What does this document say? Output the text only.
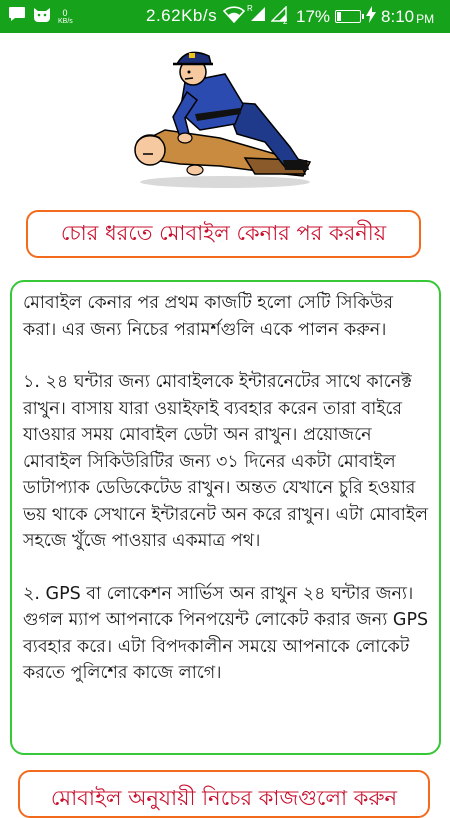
0
KB/s	2.62Kb/s	R
2 17%	8:10 PM
চোর ধরতে মোবাইল কেনার পর করনীয়

মোবাইল কেনার পর প্রথম কাজটি হলো সেটি সিকিউর করা। এর জন্য নিচের পরামর্শগুলি একে পালন করুন।

১. ২৪ ঘন্টার জন্য মোবাইলকে ইন্টারনেটের সাথে কানেক্ট রাখুন। বাসায় যারা ওয়াইফাই ব্যবহার করেন তারা বাইরে যাওয়ার সময় মোবাইল ডেটা অন রাখুন। প্রয়োজনে মোবাইল সিকিউরিটির জন্য ৩১ দিনের একটা মোবাইল ডাটাপ্যাক ডেডিকেটেড রাখুন। অন্তত যেখানে চুরি হওয়ার ভয় থাকে সেখানে ইন্টারনেট অন করে রাখুন। এটা মোবাইল সহজে খুঁজে পাওয়ার একমাত্র পথ।

২. GPS বা লোকেশন সার্ভিস অন রাখুন ২৪ ঘন্টার জন্য। গুগল ম্যাপ আপনাকে পিনপয়েন্ট লোকেট করার জন্য GPS ব্যবহার করে। এটা বিপদকালীন সময়ে আপনাকে লোকেট করতে পুলিশের কাজে লাগে।

মোবাইল অনুযায়ী নিচের কাজগুলো করুন
